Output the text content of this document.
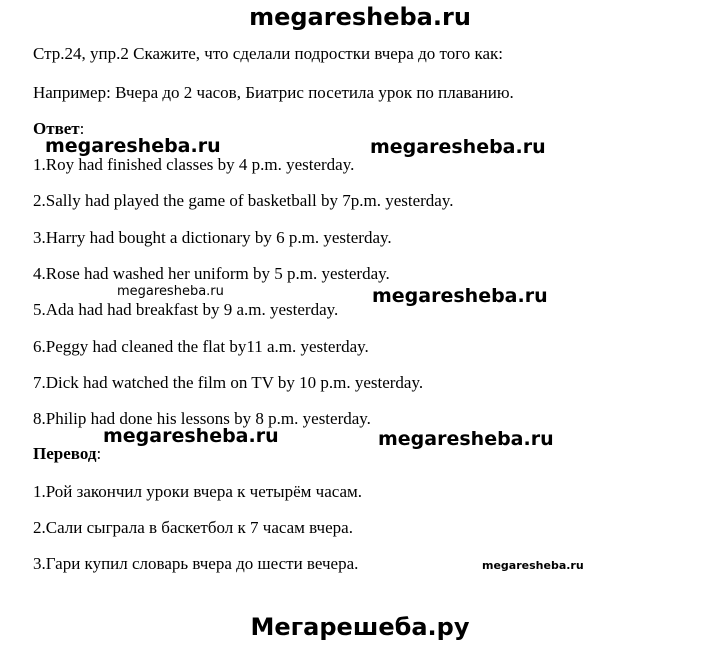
megaresheba.ru
Стр.24, упр.2 Скажите, что сделали подростки вчера до того как:
Например: Вчера до 2 часов, Биатрис посетила урок по плаванию.
Ответ:
1.Roy had finished classes by 4 p.m. yesterday.
2.Sally had played the game of basketball by 7p.m. yesterday.
3.Harry had bought a dictionary by 6 p.m. yesterday.
4.Rose had washed her uniform by 5 p.m. yesterday.
5.Ada had had breakfast by 9 a.m. yesterday.
6.Peggy had cleaned the flat by11 a.m. yesterday.
7.Dick had watched the film on TV by 10 p.m. yesterday.
8.Philip had done his lessons by 8 p.m. yesterday.
Перевод:
1.Рой закончил уроки вчера к четырём часам.
2.Сали сыграла в баскетбол к 7 часам вчера.
3.Гари купил словарь вчера до шести вечера.
megaresheba.ru	megaresheba.ru
megaresheba.ru	megaresheba.ru
megaresheba.ru	megaresheba.ru
megaresheba.ru
Мегарешеба.ру
